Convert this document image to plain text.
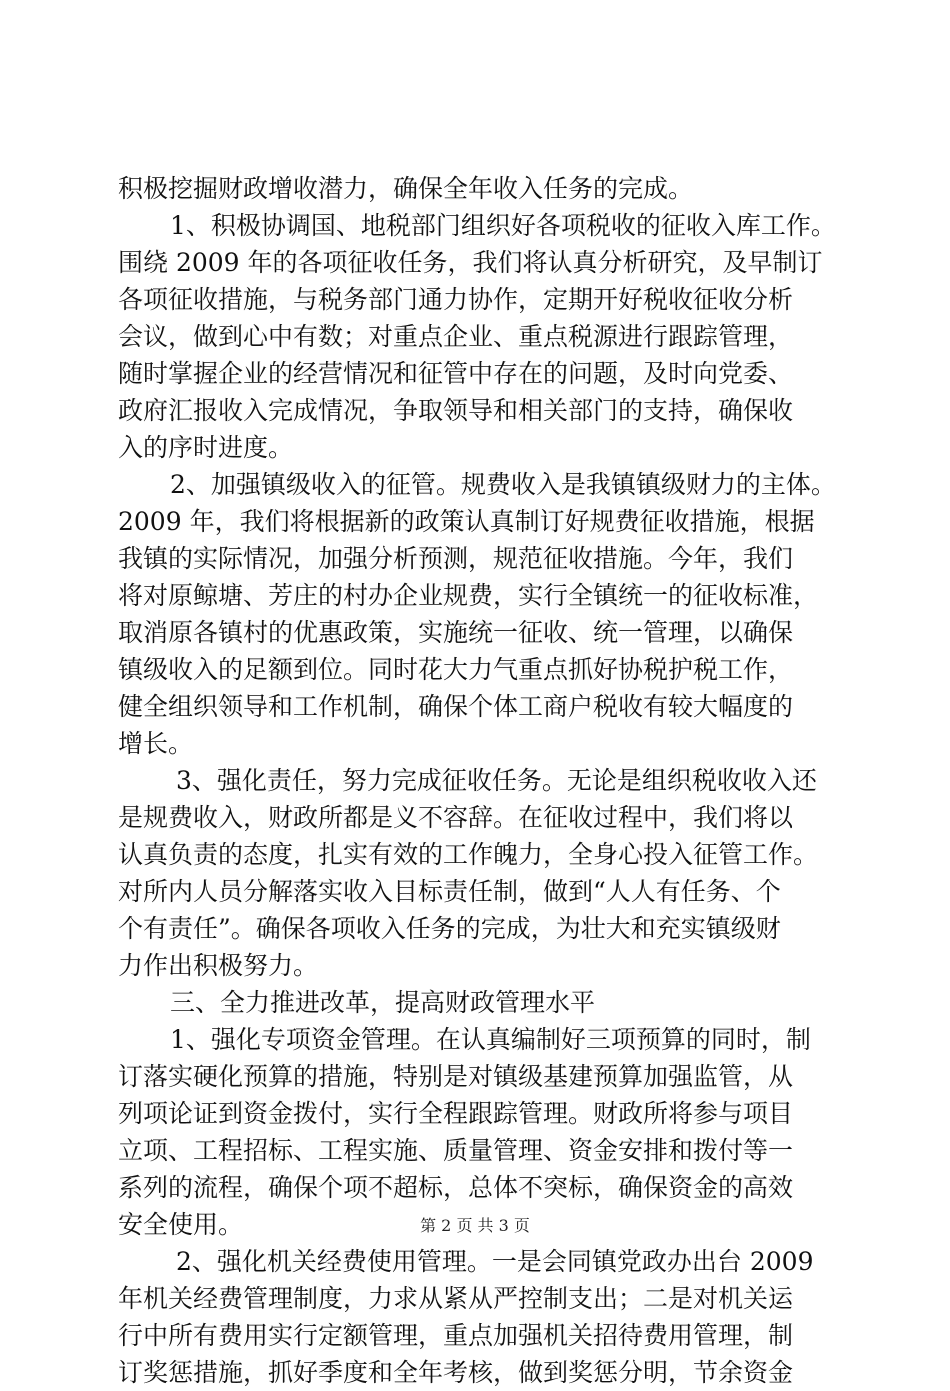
积极挖掘财政增收潜力，确保全年收入任务的完成。
1、积极协调国、地税部门组织好各项税收的征收入库工作。
围绕 2009 年的各项征收任务，我们将认真分析研究，及早制订
各项征收措施，与税务部门通力协作，定期开好税收征收分析
会议，做到心中有数；对重点企业、重点税源进行跟踪管理，
随时掌握企业的经营情况和征管中存在的问题，及时向党委、
政府汇报收入完成情况，争取领导和相关部门的支持，确保收
入的序时进度。
2、加强镇级收入的征管。规费收入是我镇镇级财力的主体。
2009 年，我们将根据新的政策认真制订好规费征收措施，根据
我镇的实际情况，加强分析预测，规范征收措施。今年，我们
将对原鲸塘、芳庄的村办企业规费，实行全镇统一的征收标准，
取消原各镇村的优惠政策，实施统一征收、统一管理，以确保
镇级收入的足额到位。同时花大力气重点抓好协税护税工作，
健全组织领导和工作机制，确保个体工商户税收有较大幅度的
增长。
3、强化责任，努力完成征收任务。无论是组织税收收入还
是规费收入，财政所都是义不容辞。在征收过程中，我们将以
认真负责的态度，扎实有效的工作魄力，全身心投入征管工作。
对所内人员分解落实收入目标责任制，做到“人人有任务、个
个有责任”。确保各项收入任务的完成，为壮大和充实镇级财
力作出积极努力。
三、全力推进改革，提高财政管理水平
1、强化专项资金管理。在认真编制好三项预算的同时，制
订落实硬化预算的措施，特别是对镇级基建预算加强监管，从
列项论证到资金拨付，实行全程跟踪管理。财政所将参与项目
立项、工程招标、工程实施、质量管理、资金安排和拨付等一
系列的流程，确保个项不超标，总体不突标，确保资金的高效
安全使用。
2、强化机关经费使用管理。一是会同镇党政办出台 2009
年机关经费管理制度，力求从紧从严控制支出；二是对机关运
行中所有费用实行定额管理，重点加强机关招待费用管理，制
订奖惩措施，抓好季度和全年考核，做到奖惩分明，节余资金
第 2 页 共 3 页
